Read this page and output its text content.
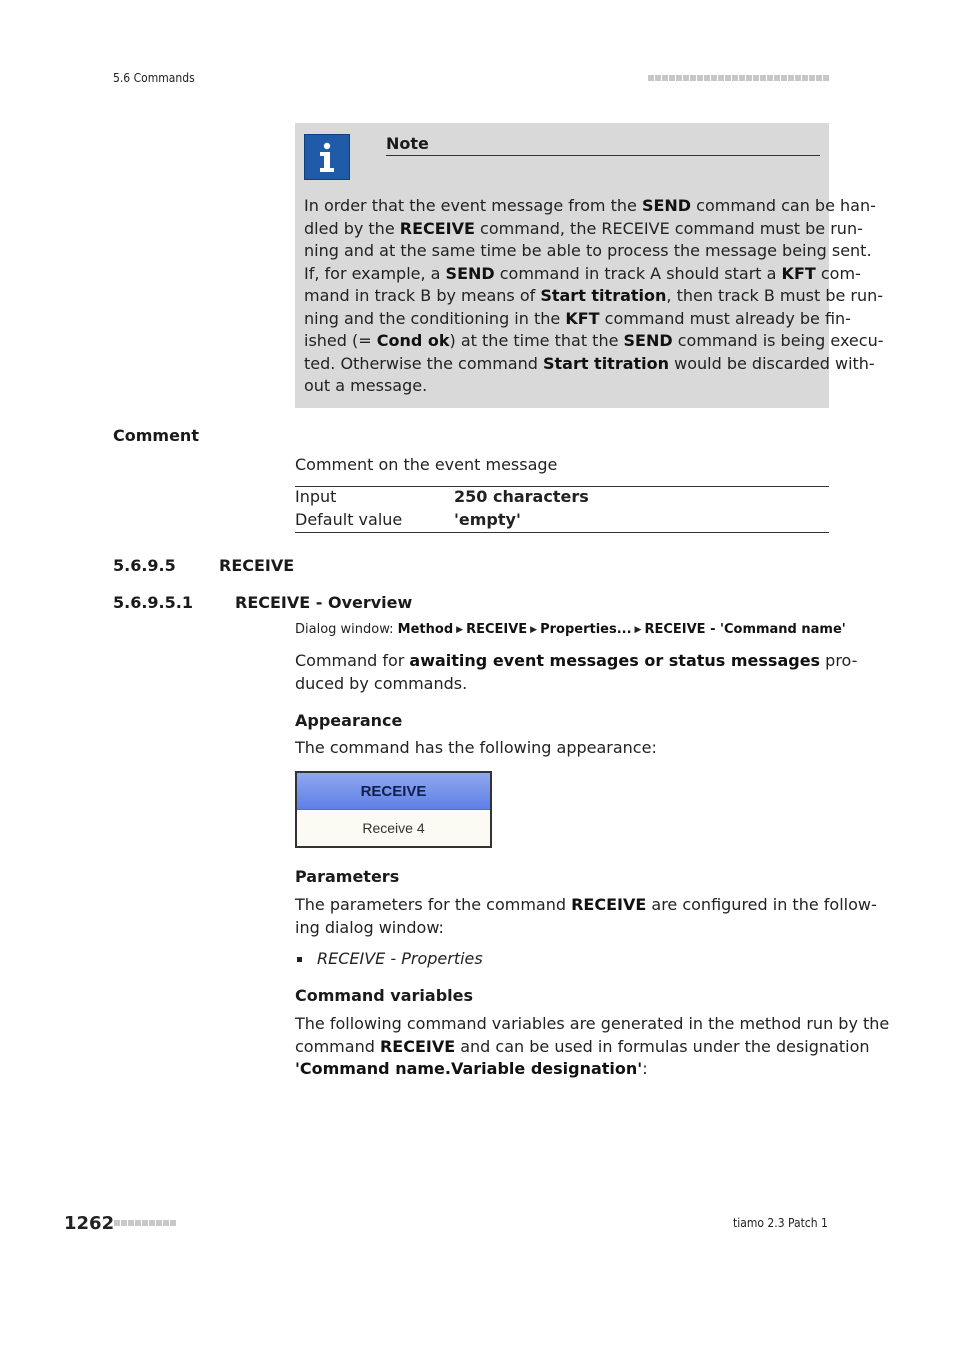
5.6 Commands
Note
In order that the event message from the SEND command can be han-
dled by the RECEIVE command, the RECEIVE command must be run-
ning and at the same time be able to process the message being sent.
If, for example, a SEND command in track A should start a KFT com-
mand in track B by means of Start titration, then track B must be run-
ning and the conditioning in the KFT command must already be fin-
ished (= Cond ok) at the time that the SEND command is being execu-
ted. Otherwise the command Start titration would be discarded with-
out a message.
Comment
Comment on the event message
Input	250 characters
Default value	'empty'
5.6.9.5	RECEIVE
5.6.9.5.1	RECEIVE - Overview
Dialog window: Method ▶ RECEIVE ▶ Properties... ▶ RECEIVE - 'Command name'
Command for awaiting event messages or status messages pro-
duced by commands.
Appearance
The command has the following appearance:
RECEIVE
Receive 4
Parameters
The parameters for the command RECEIVE are configured in the follow-
ing dialog window:
RECEIVE - Properties
Command variables
The following command variables are generated in the method run by the
command RECEIVE and can be used in formulas under the designation
'Command name.Variable designation':
1262	tiamo 2.3 Patch 1
